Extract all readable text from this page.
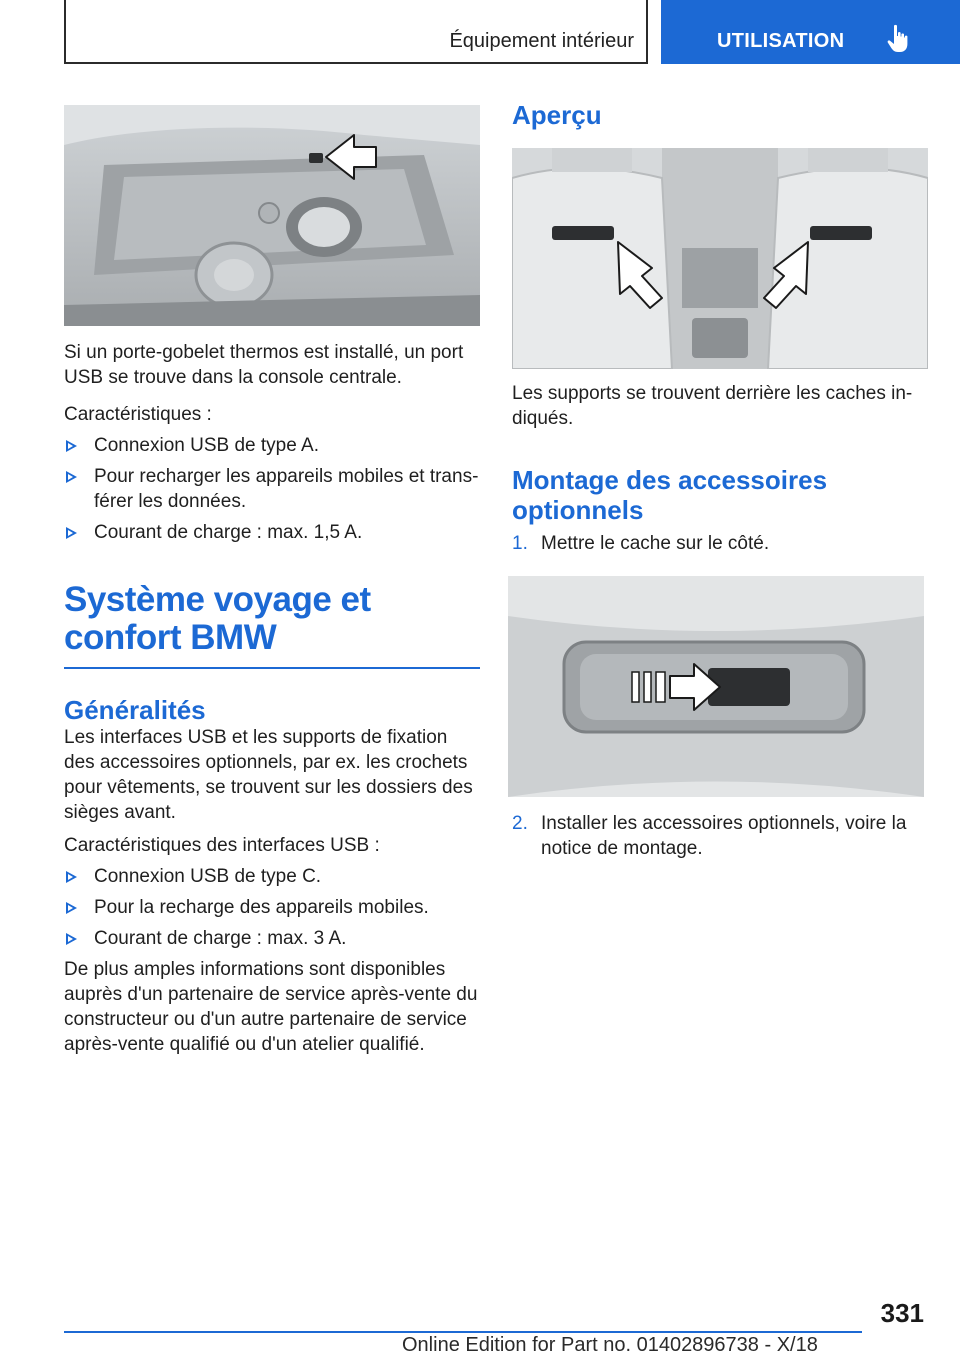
Équipement intérieur	UTILISATION

Si un porte-gobelet thermos est installé, un port USB se trouve dans la console centrale.

Caractéristiques :

Connexion USB de type A.
Pour recharger les appareils mobiles et trans-férer les données.
Courant de charge : max. 1,5 A.
Système voyage et confort BMW
Généralités

Les interfaces USB et les supports de fixation des accessoires optionnels, par ex. les crochets pour vêtements, se trouvent sur les dossiers des sièges avant.

Caractéristiques des interfaces USB :

Connexion USB de type C.
Pour la recharge des appareils mobiles.
Courant de charge : max. 3 A.

De plus amples informations sont disponibles auprès d'un partenaire de service après-vente du constructeur ou d'un autre partenaire de service après-vente qualifié ou d'un atelier qualifié.

Aperçu

Les supports se trouvent derrière les caches in-diqués.

Montage des accessoires optionnels
1. Mettre le cache sur le côté.
2. Installer les accessoires optionnels, voire la notice de montage.
331
Online Edition for Part no. 01402896738 - X/18
